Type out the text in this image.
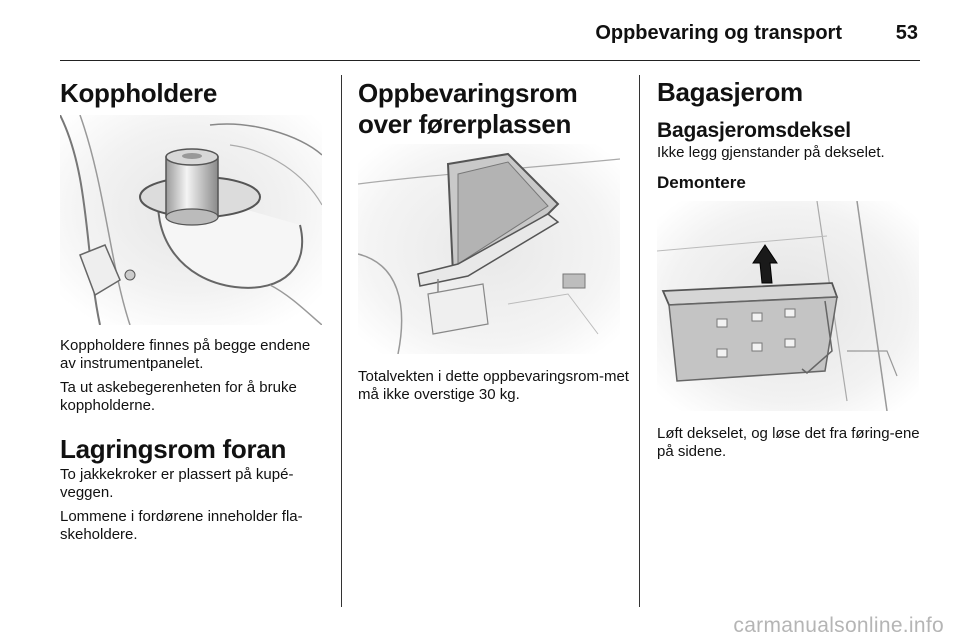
Oppbevaring og transport	53
Koppholdere

Koppholdere finnes på begge endene av instrumentpanelet.

Ta ut askebegerenheten for å bruke koppholderne.

Lagringsrom foran

To jakkekroker er plassert på kupé-veggen.

Lommene i fordørene inneholder fla-skeholdere.

Oppbevaringsrom over førerplassen

Totalvekten i dette oppbevaringsrom-met må ikke overstige 30 kg.

Bagasjerom
Bagasjeromsdeksel

Ikke legg gjenstander på dekselet.

Demontere

Løft dekselet, og løse det fra føring-ene på sidene.

carmanualsonline.info
